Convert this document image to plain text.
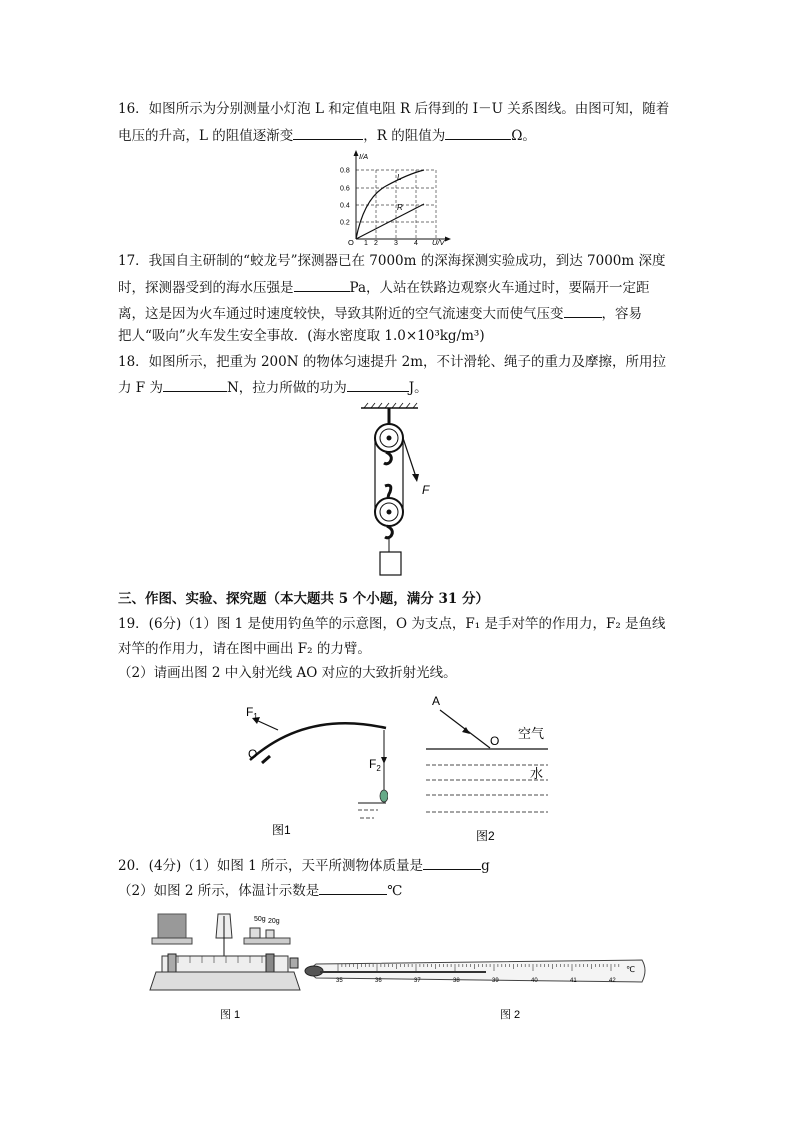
16．如图所示为分别测量小灯泡 L 和定值电阻 R 后得到的 I－U 关系图线。由图可知，随着
电压的升高，L 的阻值逐渐变	，R 的阻值为	Ω。
I/A
U/V
O
0.8
0.6
0.4
0.2
1 2 3 4
L
R
17．我国自主研制的“蛟龙号”探测器已在 7000m 的深海探测实验成功，到达 7000m 深度
时，探测器受到的海水压强是	Pa，人站在铁路边观察火车通过时，要隔开一定距
离，这是因为火车通过时速度较快，导致其附近的空气流速变大而使气压变	，容易
把人“吸向”火车发生安全事故．(海水密度取 1.0×10³kg/m³)
18．如图所示，把重为 200N 的物体匀速提升 2m，不计滑轮、绳子的重力及摩擦，所用拉
力 F 为	N，拉力所做的功为	J。
F
三、作图、实验、探究题（本大题共 5 个小题，满分 31 分）
19．(6分)（1）图 1 是使用钓鱼竿的示意图，O 为支点，F₁ 是手对竿的作用力，F₂ 是鱼线
对竿的作用力，请在图中画出 F₂ 的力臂。
（2）请画出图 2 中入射光线 AO 对应的大致折射光线。
$F_1$
O
$F_2$
图1
A
O 空气
水
图2
20．(4分)（1）如图 1 所示，天平所测物体质量是	g
（2）如图 2 所示，体温计示数是	℃
50g 20g
图 1
35	36	37	38	39	40	41	42
℃
图 2
